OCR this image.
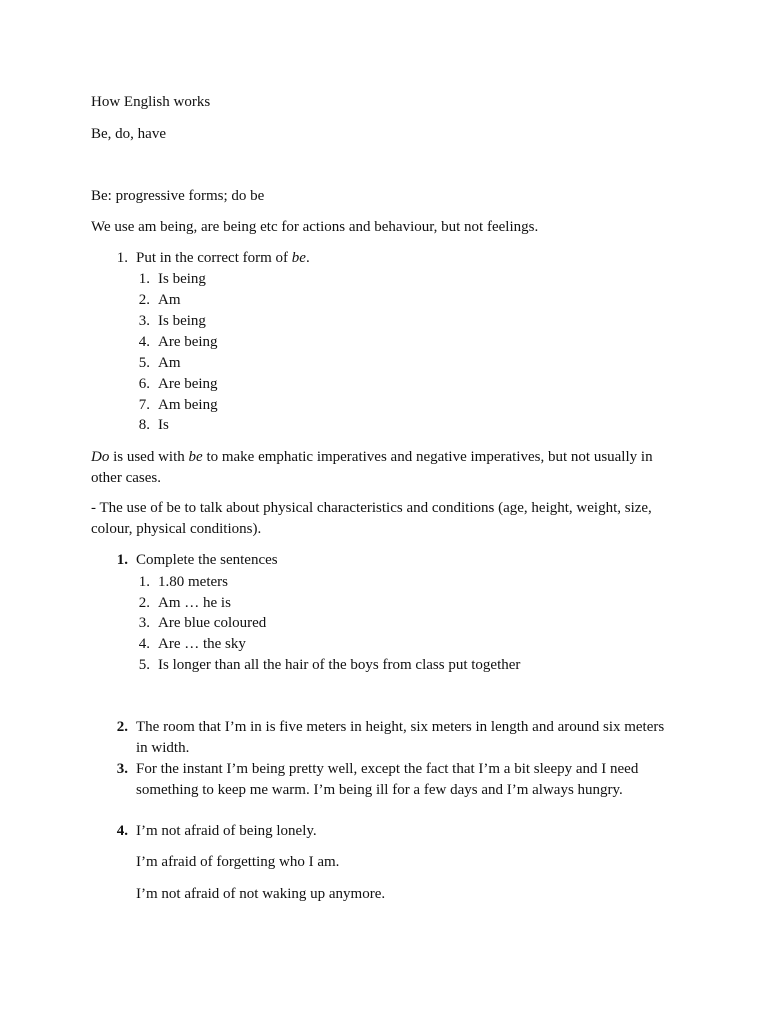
How English works
Be, do, have
Be: progressive forms; do be
We use am being, are being etc for actions and behaviour, but not feelings.
1. Put in the correct form of be.
1. Is being
2. Am
3. Is being
4. Are being
5. Am
6. Are being
7. Am being
8. Is
Do is used with be to make emphatic imperatives and negative imperatives, but not usually in other cases.
- The use of be to talk about physical characteristics and conditions (age, height, weight, size, colour, physical conditions).
1. Complete the sentences
1. 1.80 meters
2. Am … he is
3. Are blue coloured
4. Are … the sky
5. Is longer than all the hair of the boys from class put together
2. The room that I’m in is five meters in height, six meters in length and around six meters in width.
3. For the instant I’m being pretty well, except the fact that I’m a bit sleepy and I need something to keep me warm. I’m being ill for a few days and I’m always hungry.
4. I’m not afraid of being lonely.
I’m afraid of forgetting who I am.
I’m not afraid of not waking up anymore.
